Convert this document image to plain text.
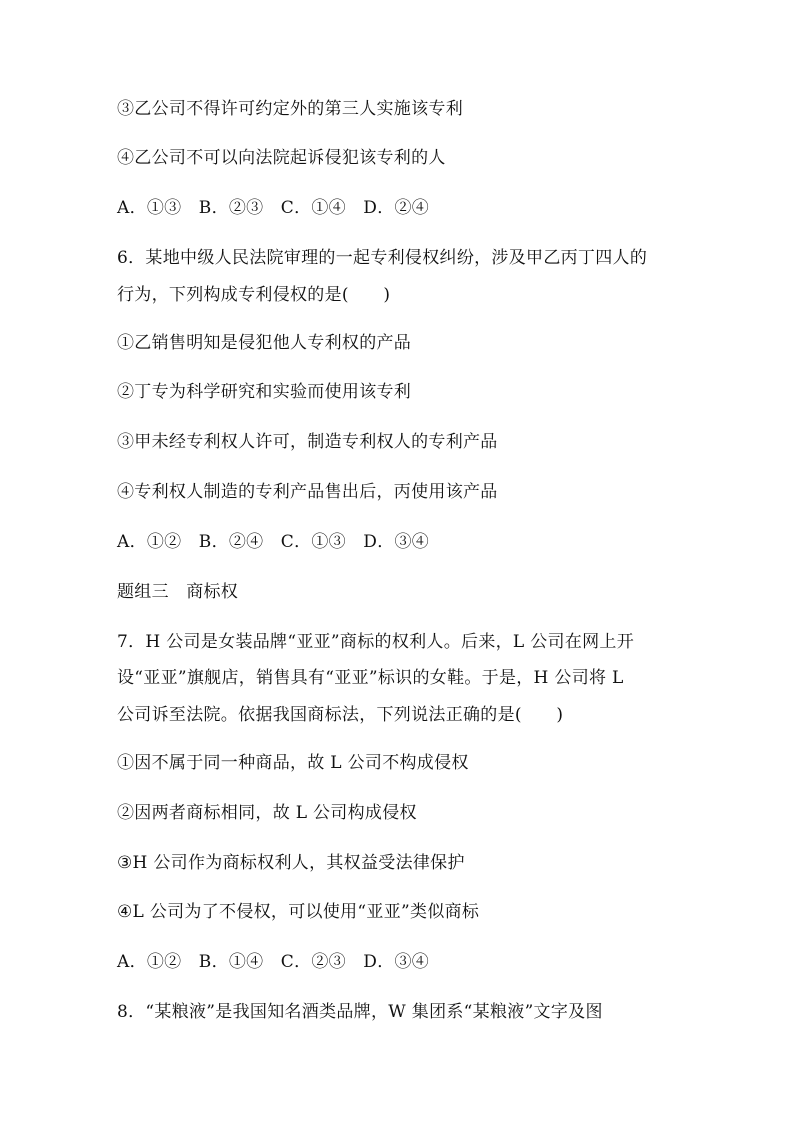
③乙公司不得许可约定外的第三人实施该专利
④乙公司不可以向法院起诉侵犯该专利的人
A．①③　B．②③　C．①④　D．②④
6．某地中级人民法院审理的一起专利侵权纠纷，涉及甲乙丙丁四人的
行为，下列构成专利侵权的是(　　)
①乙销售明知是侵犯他人专利权的产品
②丁专为科学研究和实验而使用该专利
③甲未经专利权人许可，制造专利权人的专利产品
④专利权人制造的专利产品售出后，丙使用该产品
A．①②　B．②④　C．①③　D．③④
题组三　商标权
7．H 公司是女装品牌“亚亚”商标的权利人。后来，L 公司在网上开
设“亚亚”旗舰店，销售具有“亚亚”标识的女鞋。于是，H 公司将 L
公司诉至法院。依据我国商标法，下列说法正确的是(　　)
①因不属于同一种商品，故 L 公司不构成侵权
②因两者商标相同，故 L 公司构成侵权
③H 公司作为商标权利人，其权益受法律保护
④L 公司为了不侵权，可以使用“亚亚”类似商标
A．①②　B．①④　C．②③　D．③④
8．“某粮液”是我国知名酒类品牌，W 集团系“某粮液”文字及图
